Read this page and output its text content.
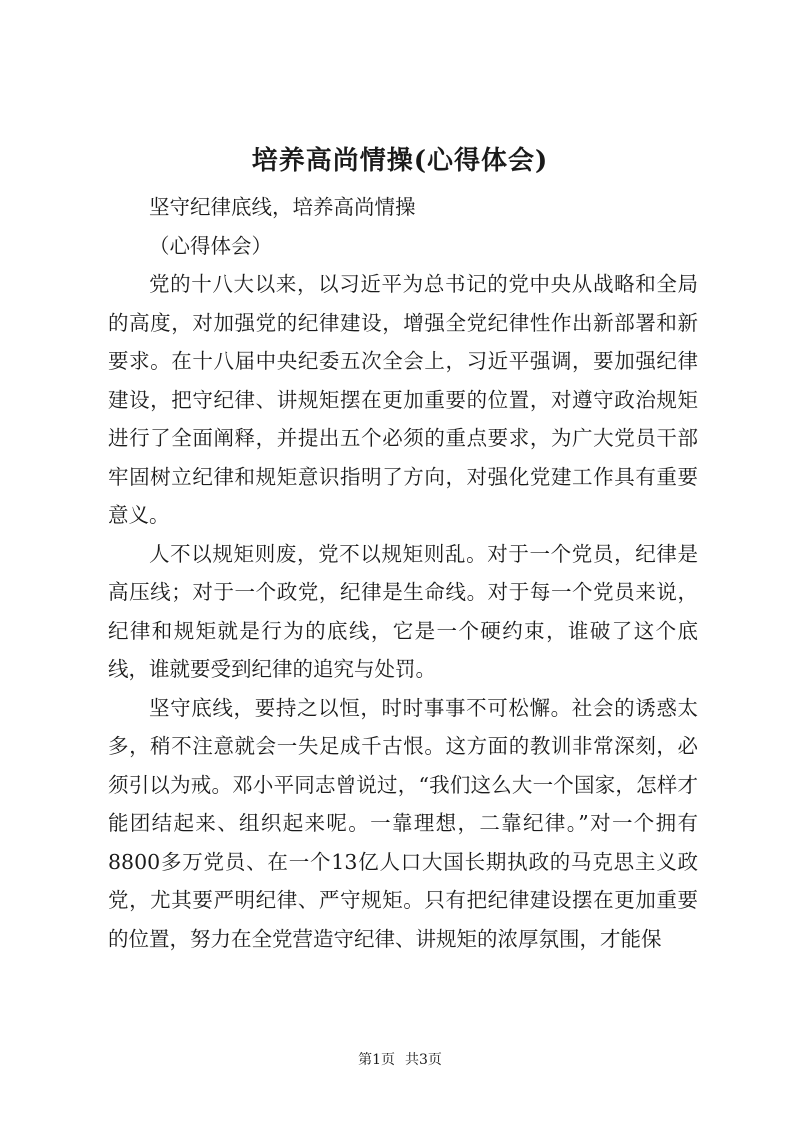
培养高尚情操(心得体会)

坚守纪律底线，培养高尚情操

（心得体会）

党的十八大以来，以习近平为总书记的党中央从战略和全局的高度，对加强党的纪律建设，增强全党纪律性作出新部署和新要求。在十八届中央纪委五次全会上，习近平强调，要加强纪律建设，把守纪律、讲规矩摆在更加重要的位置，对遵守政治规矩进行了全面阐释，并提出五个必须的重点要求，为广大党员干部牢固树立纪律和规矩意识指明了方向，对强化党建工作具有重要意义。

人不以规矩则废，党不以规矩则乱。对于一个党员，纪律是高压线；对于一个政党，纪律是生命线。对于每一个党员来说，纪律和规矩就是行为的底线，它是一个硬约束，谁破了这个底线，谁就要受到纪律的追究与处罚。

坚守底线，要持之以恒，时时事事不可松懈。社会的诱惑太多，稍不注意就会一失足成千古恨。这方面的教训非常深刻，必须引以为戒。邓小平同志曾说过，“我们这么大一个国家，怎样才能团结起来、组织起来呢。一靠理想，二靠纪律。”对一个拥有8800多万党员、在一个13亿人口大国长期执政的马克思主义政党，尤其要严明纪律、严守规矩。只有把纪律建设摆在更加重要的位置，努力在全党营造守纪律、讲规矩的浓厚氛围，才能保

第1页 共3页
